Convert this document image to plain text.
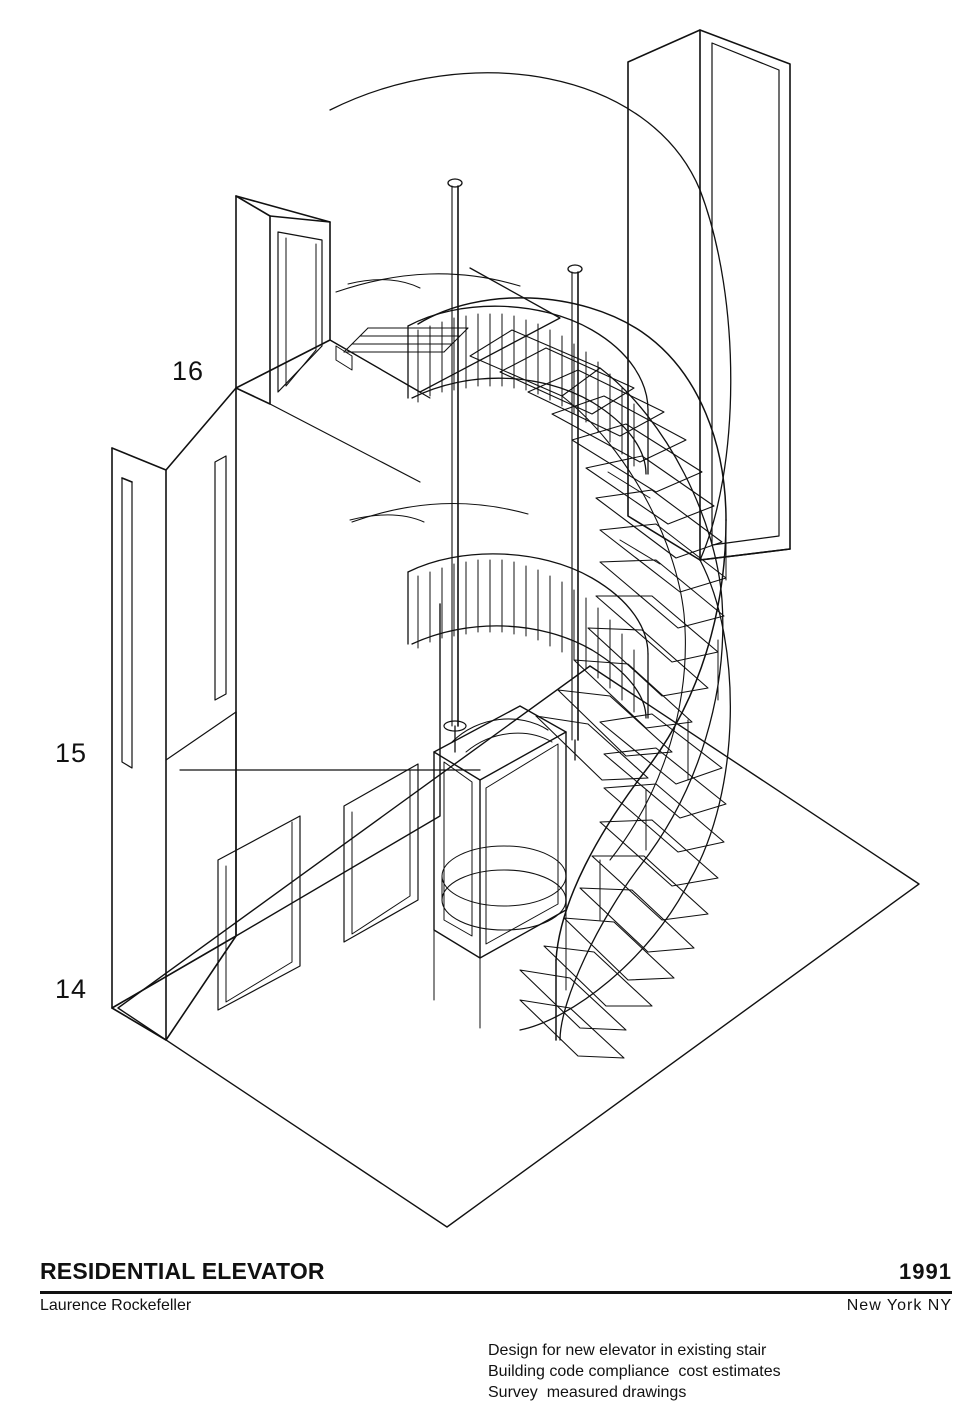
16
15
14
RESIDENTIAL ELEVATOR	1991
Laurence Rockefeller	New York NY
Design for new elevator in existing stair
Building code compliance  cost estimates
Survey  measured drawings
